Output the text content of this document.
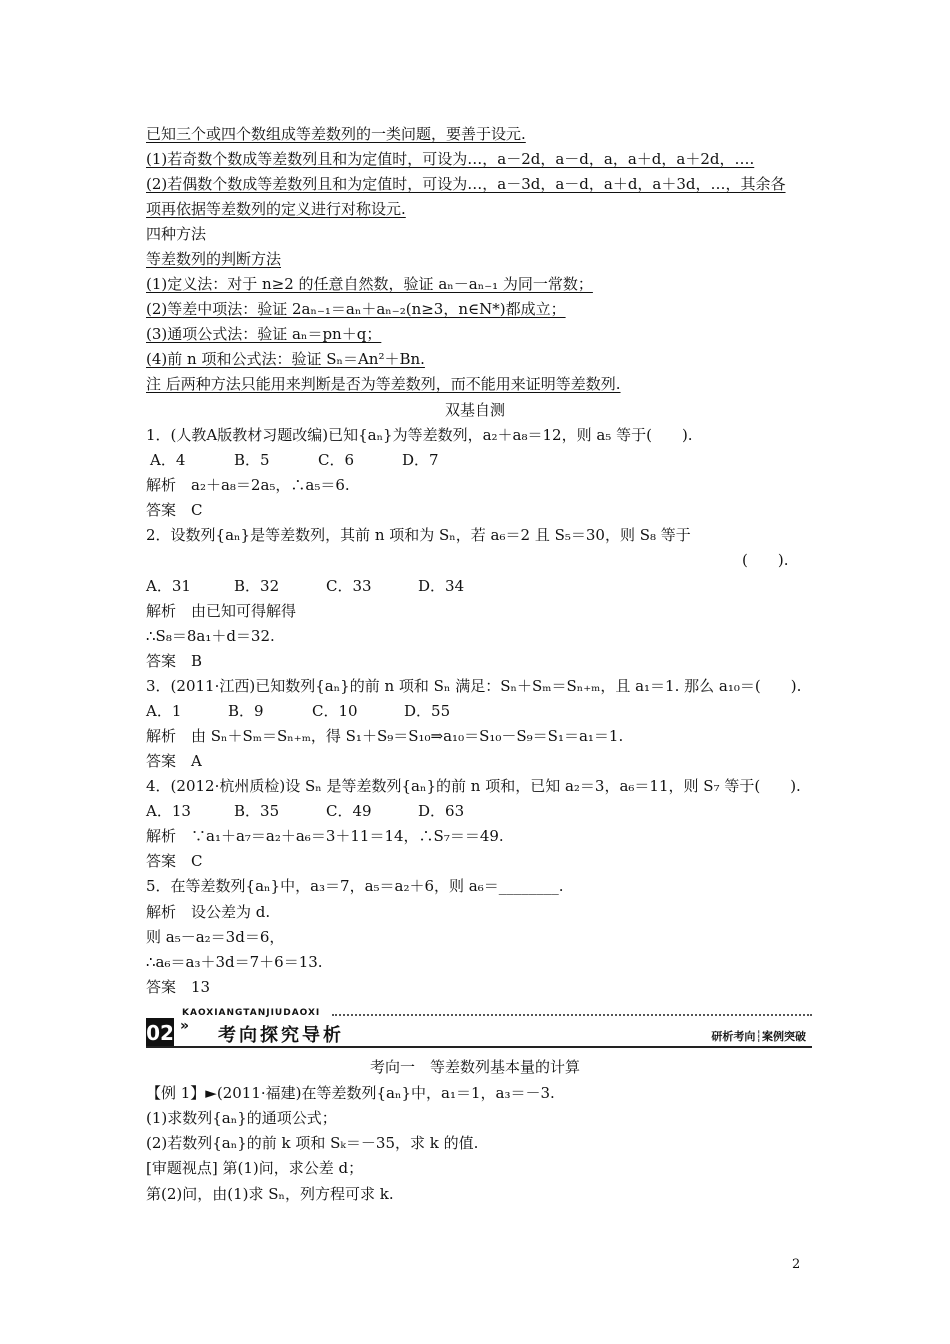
已知三个或四个数组成等差数列的一类问题，要善于设元.
(1)若奇数个数成等差数列且和为定值时，可设为…，a－2d，a－d，a，a＋d，a＋2d，….
(2)若偶数个数成等差数列且和为定值时，可设为…，a－3d，a－d，a＋d，a＋3d，…，其余各
项再依据等差数列的定义进行对称设元.
四种方法
等差数列的判断方法
(1)定义法：对于 n≥2 的任意自然数，验证 aₙ－aₙ₋₁ 为同一常数；
(2)等差中项法：验证 2aₙ₋₁＝aₙ＋aₙ₋₂(n≥3，n∈N*)都成立；
(3)通项公式法：验证 aₙ＝pn＋q；
(4)前 n 项和公式法：验证 Sₙ＝An²＋Bn.
注 后两种方法只能用来判断是否为等差数列，而不能用来证明等差数列.
双基自测
1．(人教A版教材习题改编)已知{aₙ}为等差数列，a₂＋a₈＝12，则 a₅ 等于(　　).
A．4	B．5	C．6	D．7
解析　a₂＋a₈＝2a₅，∴a₅＝6.
答案　C
2．设数列{aₙ}是等差数列，其前 n 项和为 Sₙ，若 a₆＝2 且 S₅＝30，则 S₈ 等于
(　　).
A．31	B．32	C．33	D．34
解析　由已知可得解得
∴S₈＝8a₁＋d＝32.
答案　B
3．(2011·江西)已知数列{aₙ}的前 n 项和 Sₙ 满足：Sₙ＋Sₘ＝Sₙ₊ₘ，且 a₁＝1. 那么 a₁₀＝(　　).
A．1	B．9	C．10	D．55
解析　由 Sₙ＋Sₘ＝Sₙ₊ₘ，得 S₁＋S₉＝S₁₀⇒a₁₀＝S₁₀－S₉＝S₁＝a₁＝1.
答案　A
4．(2012·杭州质检)设 Sₙ 是等差数列{aₙ}的前 n 项和，已知 a₂＝3，a₆＝11，则 S₇ 等于(　　).
A．13	B．35	C．49	D．63
解析　∵a₁＋a₇＝a₂＋a₆＝3＋11＝14，∴S₇＝＝49.
答案　C
5．在等差数列{aₙ}中，a₃＝7，a₅＝a₂＋6，则 a₆＝________.
解析　设公差为 d.
则 a₅－a₂＝3d＝6，
∴a₆＝a₃＋3d＝7＋6＝13.
答案　13
02 »
KAOXIANGTANJIUDAOXI
考向探究导析	研析考向┆案例突破
考向一　等差数列基本量的计算
【例 1】►(2011·福建)在等差数列{aₙ}中，a₁＝1，a₃＝－3.
(1)求数列{aₙ}的通项公式；
(2)若数列{aₙ}的前 k 项和 Sₖ＝－35，求 k 的值.
[审题视点] 第(1)问，求公差 d；
第(2)问，由(1)求 Sₙ，列方程可求 k.
2
